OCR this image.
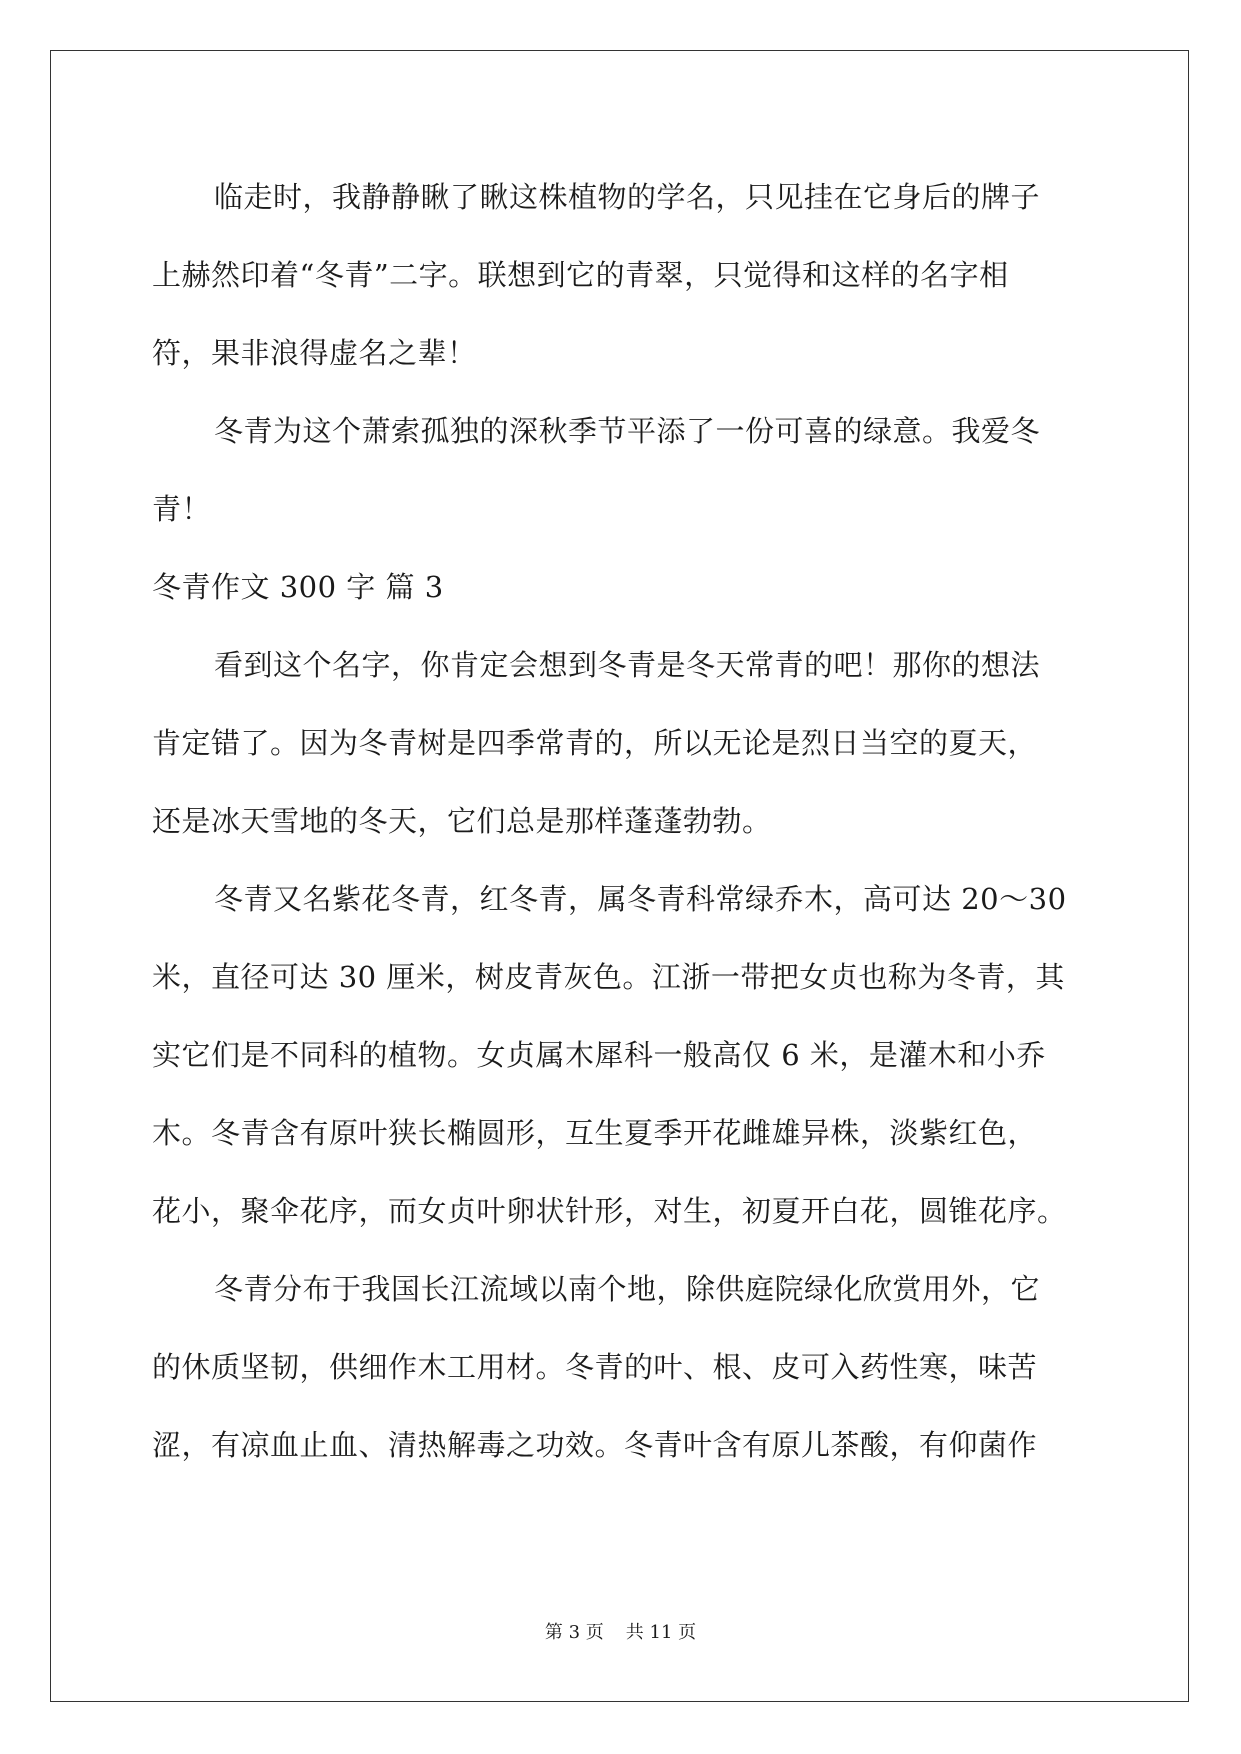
临走时，我静静瞅了瞅这株植物的学名，只见挂在它身后的牌子
上赫然印着“冬青”二字。联想到它的青翠，只觉得和这样的名字相
符，果非浪得虚名之辈！
冬青为这个萧索孤独的深秋季节平添了一份可喜的绿意。我爱冬
青！
冬青作文 300 字 篇 3
看到这个名字，你肯定会想到冬青是冬天常青的吧！那你的想法
肯定错了。因为冬青树是四季常青的，所以无论是烈日当空的夏天，
还是冰天雪地的冬天，它们总是那样蓬蓬勃勃。
冬青又名紫花冬青，红冬青，属冬青科常绿乔木，高可达 20～30
米，直径可达 30 厘米，树皮青灰色。江浙一带把女贞也称为冬青，其
实它们是不同科的植物。女贞属木犀科一般高仅 6 米，是灌木和小乔
木。冬青含有原叶狭长椭圆形，互生夏季开花雌雄异株，淡紫红色，
花小，聚伞花序，而女贞叶卵状针形，对生，初夏开白花，圆锥花序。
冬青分布于我国长江流域以南个地，除供庭院绿化欣赏用外，它
的休质坚韧，供细作木工用材。冬青的叶、根、皮可入药性寒，味苦
涩，有凉血止血、清热解毒之功效。冬青叶含有原儿茶酸，有仰菌作
第 3 页 共 11 页
